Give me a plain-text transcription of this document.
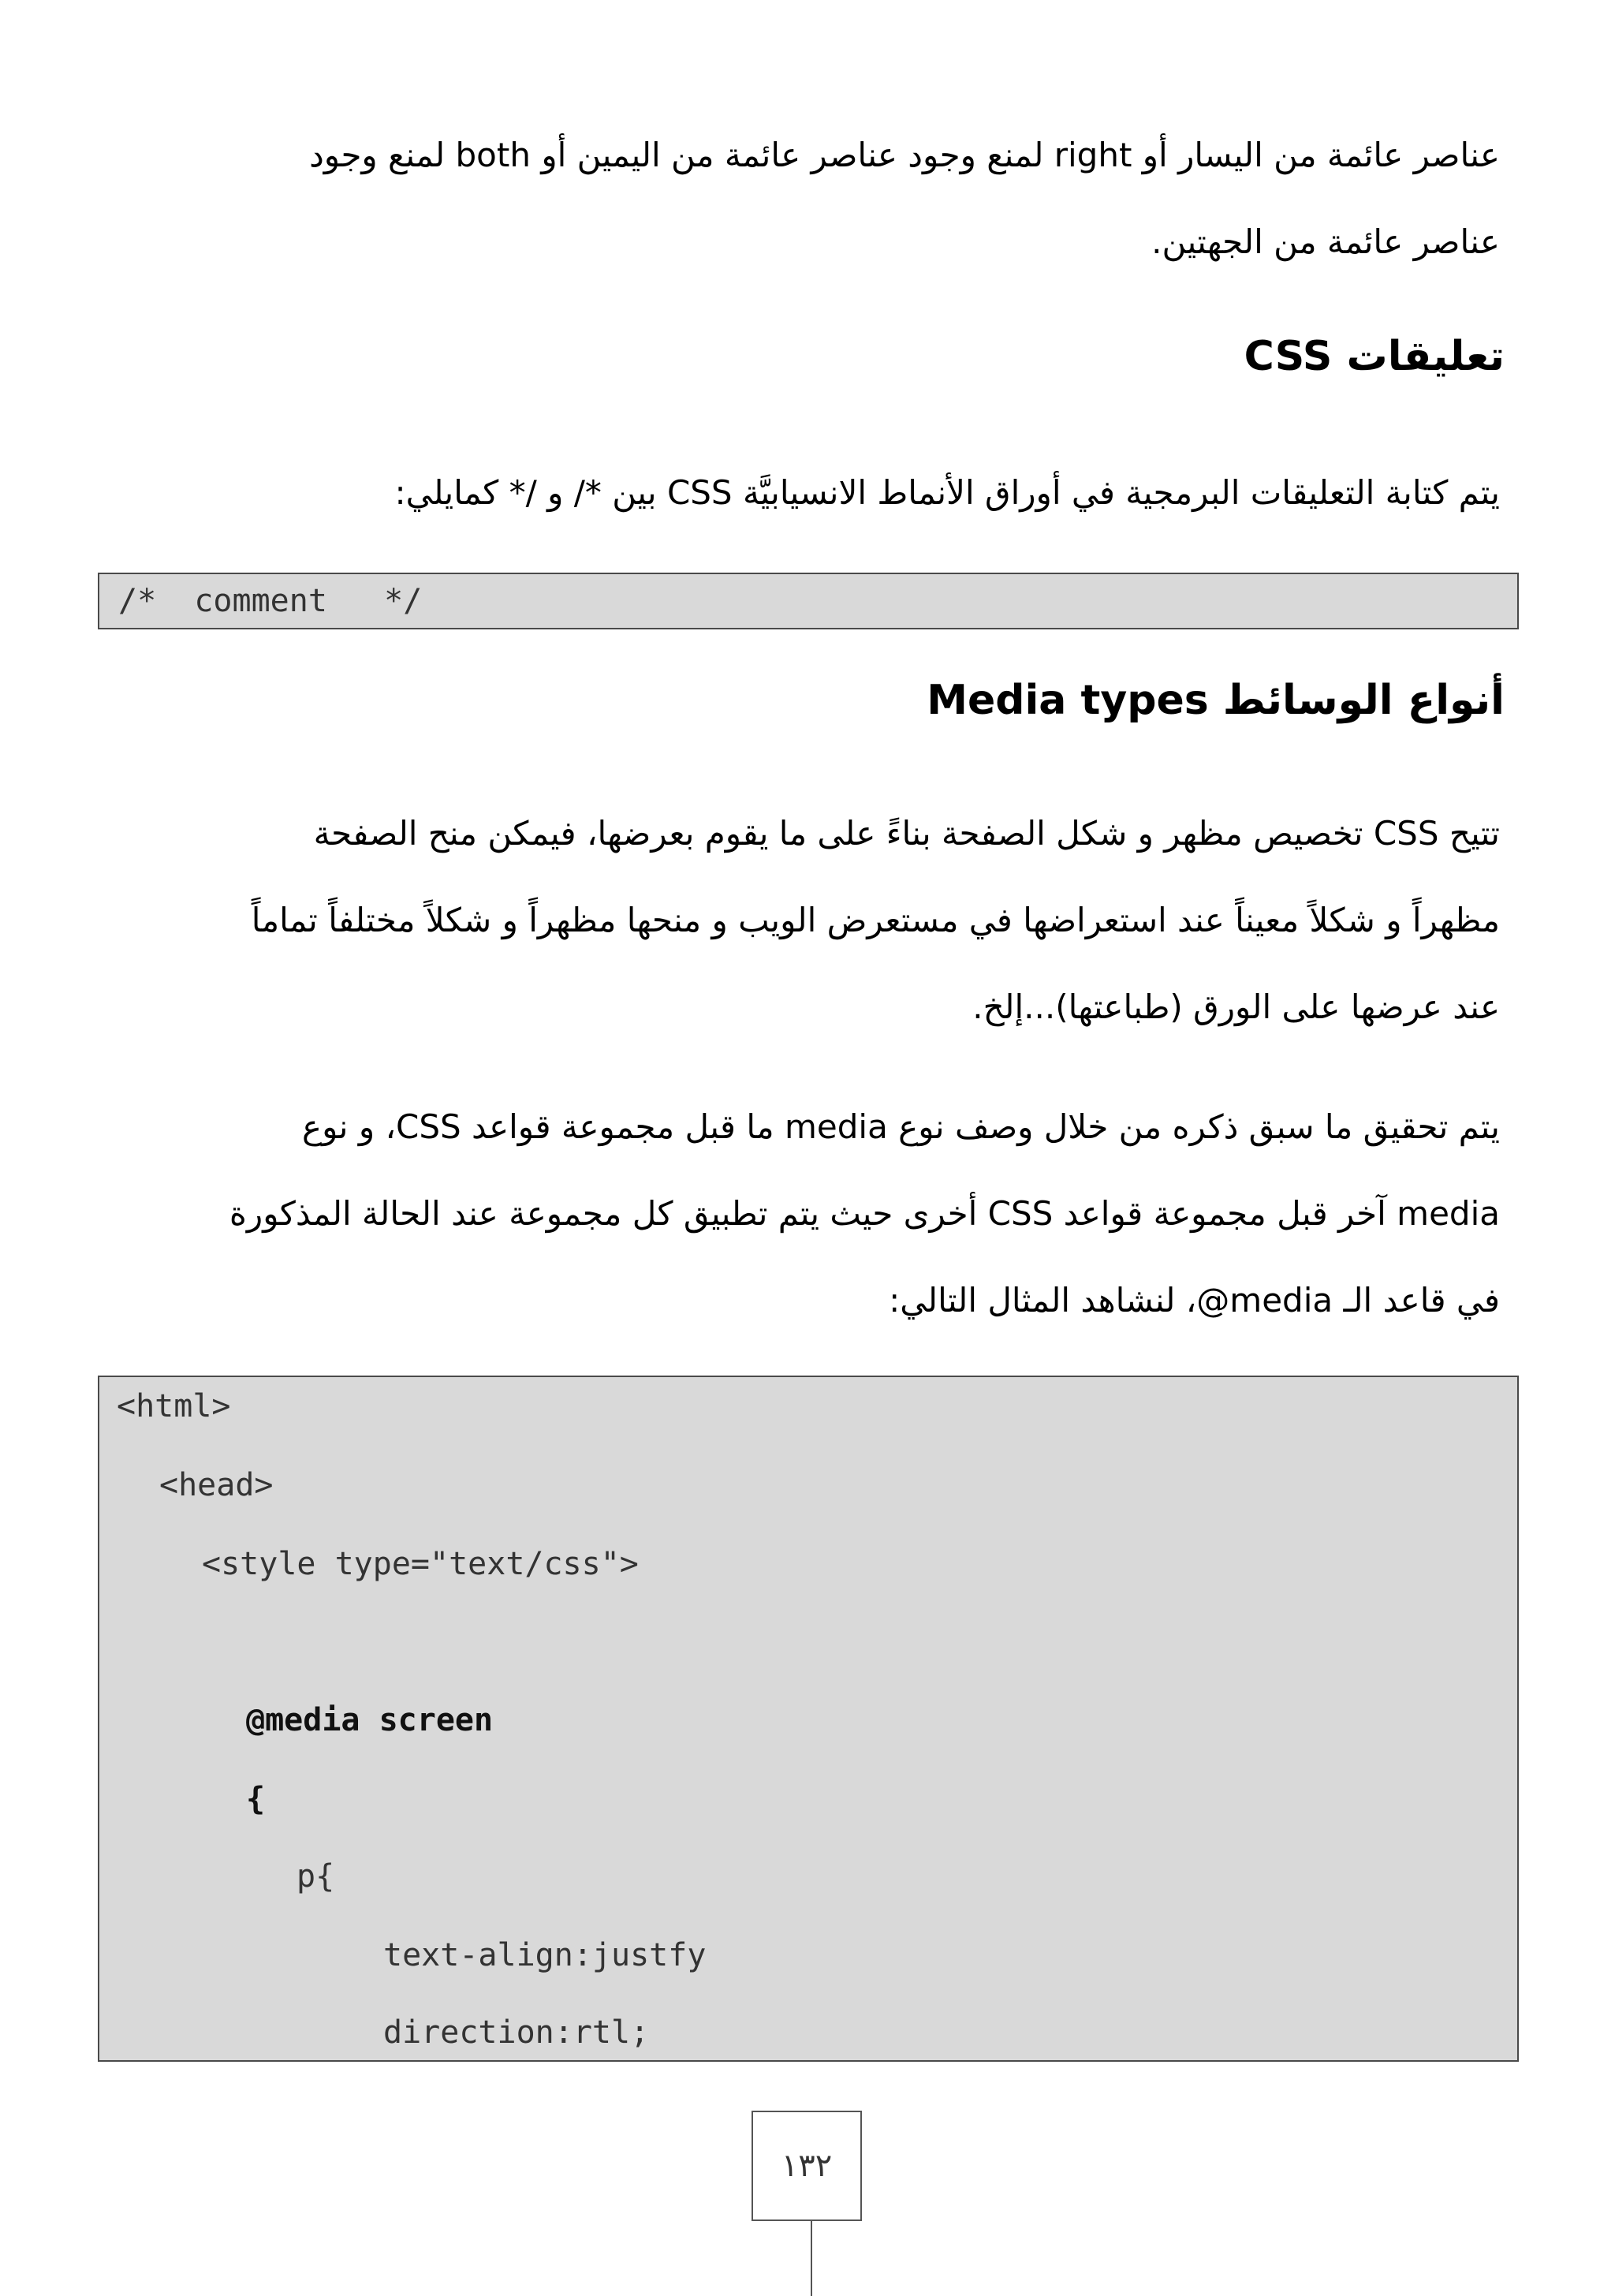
عناصر عائمة من اليسار أو right لمنع وجود عناصر عائمة من اليمين أو both لمنع وجود
عناصر عائمة من الجهتين.

تعليقات CSS

يتم كتابة التعليقات البرمجية في أوراق الأنماط الانسيابيَّة CSS بين */ و /* كمايلي:

/*  comment   */
أنواع الوسائط Media types

تتيح CSS تخصيص مظهر و شكل الصفحة بناءً على ما يقوم بعرضها، فيمكن منح الصفحة
مظهراً و شكلاً معيناً عند استعراضها في مستعرض الويب و منحها مظهراً و شكلاً مختلفاً تماماً
عند عرضها على الورق (طباعتها)...إلخ.

يتم تحقيق ما سبق ذكره من خلال وصف نوع media ما قبل مجموعة قواعد CSS، و نوع
media آخر قبل مجموعة قواعد CSS أخرى حيث يتم تطبيق كل مجموعة عند الحالة المذكورة
في قاعد الـ media@، لنشاهد المثال التالي:

<html>
<head>
<style type="text/css">
@media screen
{
p{
text-align:justfy
direction:rtl;
١٣٢
